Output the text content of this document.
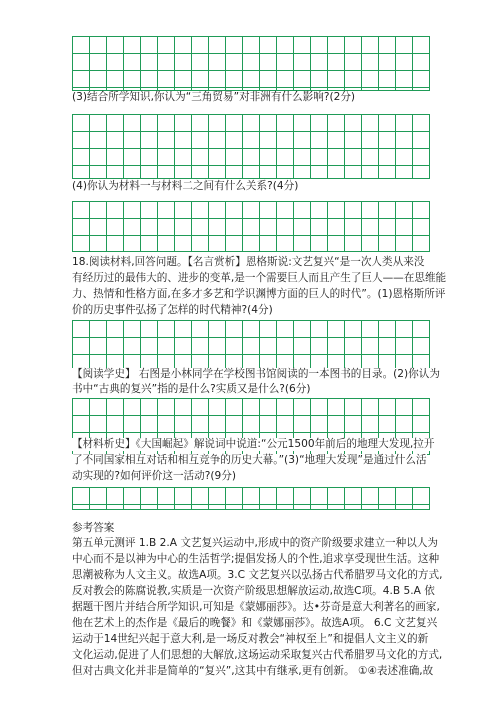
(3)结合所学知识,你认为“三角贸易”对非洲有什么影响?(2分)
(4)你认为材料一与材料二之间有什么关系?(4分)
18.阅读材料,回答问题。【名言赏析】恩格斯说:文艺复兴“是一次人类从来没
有经历过的最伟大的、进步的变革,是一个需要巨人而且产生了巨人——在思维能
力、热情和性格方面,在多才多艺和学识渊博方面的巨人的时代”。(1)恩格斯所评
价的历史事件弘扬了怎样的时代精神?(4分)
【阅读学史】 右图是小林同学在学校图书馆阅读的一本图书的目录。(2)你认为
书中“古典的复兴”指的是什么?实质又是什么?(6分)
【材料析史】《大国崛起》解说词中说道:“公元1500年前后的地理大发现,拉开
了不同国家相互对话和相互竞争的历史大幕。”(3)“地理大发现”是通过什么活
动实现的?如何评价这一活动?(9分)
参考答案
第五单元测评 1.B 2.A 文艺复兴运动中,形成中的资产阶级要求建立一种以人为
中心而不是以神为中心的生活哲学;提倡发扬人的个性,追求享受现世生活。这种
思潮被称为人文主义。故选A项。3.C 文艺复兴以弘扬古代希腊罗马文化的方式,
反对教会的陈腐说教,实质是一次资产阶级思想解放运动,故选C项。4.B 5.A 依
据题干图片并结合所学知识,可知是《蒙娜丽莎》。达•芬奇是意大利著名的画家,
他在艺术上的杰作是《最后的晚餐》和《蒙娜丽莎》。故选A项。 6.C 文艺复兴
运动于14世纪兴起于意大利,是一场反对教会“神权至上”和提倡人文主义的新
文化运动,促进了人们思想的大解放,这场运动采取复兴古代希腊罗马文化的方式,
但对古典文化并非是简单的“复兴”,这其中有继承,更有创新。 ①④表述准确,故
